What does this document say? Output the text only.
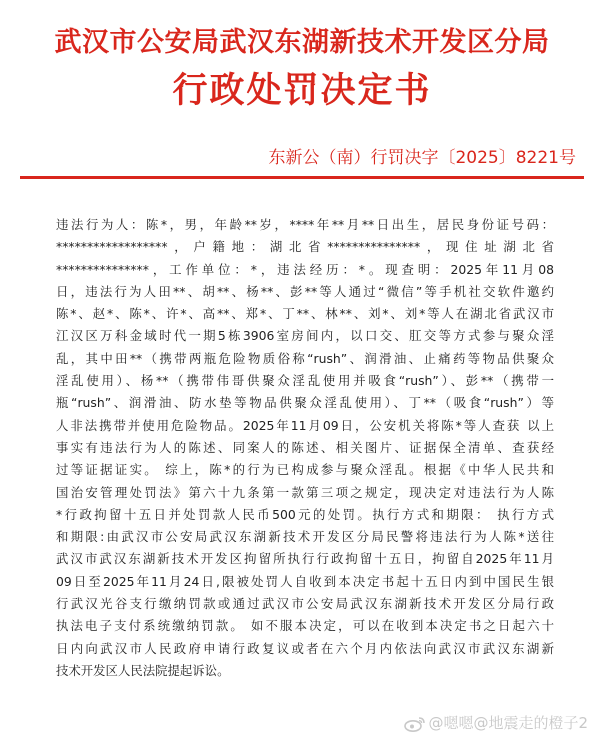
武汉市公安局武汉东湖新技术开发区分局
行政处罚决定书
东新公（南）行罚决字〔2025〕8221号
违法行为人：陈*，男，年龄**岁，****年**月**日出生，居民身份证号码：
******************，户籍地：湖北省***************，现住址湖北省
***************，工作单位：*，违法经历：*。现查明：2025年11月08
日，违法行为人田**、胡**、杨**、彭**等人通过“微信”等手机社交软件邀约
陈*、赵*、陈*、许*、高**、郑*、丁**、林**、刘*、刘*等人在湖北省武汉市
江汉区万科金域时代一期5栋3906室房间内，以口交、肛交等方式参与聚众淫
乱，其中田**（携带两瓶危险物质俗称“rush”、润滑油、止痛药等物品供聚众
淫乱使用）、杨**（携带伟哥供聚众淫乱使用并吸食“rush”）、彭**（携带一
瓶“rush”、润滑油、防水垫等物品供聚众淫乱使用）、丁**（吸食“rush”）等
人非法携带并使用危险物品。2025年11月09日，公安机关将陈*等人查获 以上
事实有违法行为人的陈述、同案人的陈述、相关图片、证据保全清单、查获经
过等证据证实。 综上，陈*的行为已构成参与聚众淫乱。根据《中华人民共和
国治安管理处罚法》第六十九条第一款第三项之规定，现决定对违法行为人陈
*行政拘留十五日并处罚款人民币500元的处罚。执行方式和期限： 执行方式
和期限:由武汉市公安局武汉东湖新技术开发区分局民警将违法行为人陈*送往
武汉市武汉东湖新技术开发区拘留所执行行政拘留十五日，拘留自2025年11月
09日至2025年11月24日,限被处罚人自收到本决定书起十五日内到中国民生银
行武汉光谷支行缴纳罚款或通过武汉市公安局武汉东湖新技术开发区分局行政
执法电子支付系统缴纳罚款。 如不服本决定，可以在收到本决定书之日起六十
日内向武汉市人民政府申请行政复议或者在六个月内依法向武汉市武汉东湖新
技术开发区人民法院提起诉讼。
@嗯嗯@地震走的橙子2
